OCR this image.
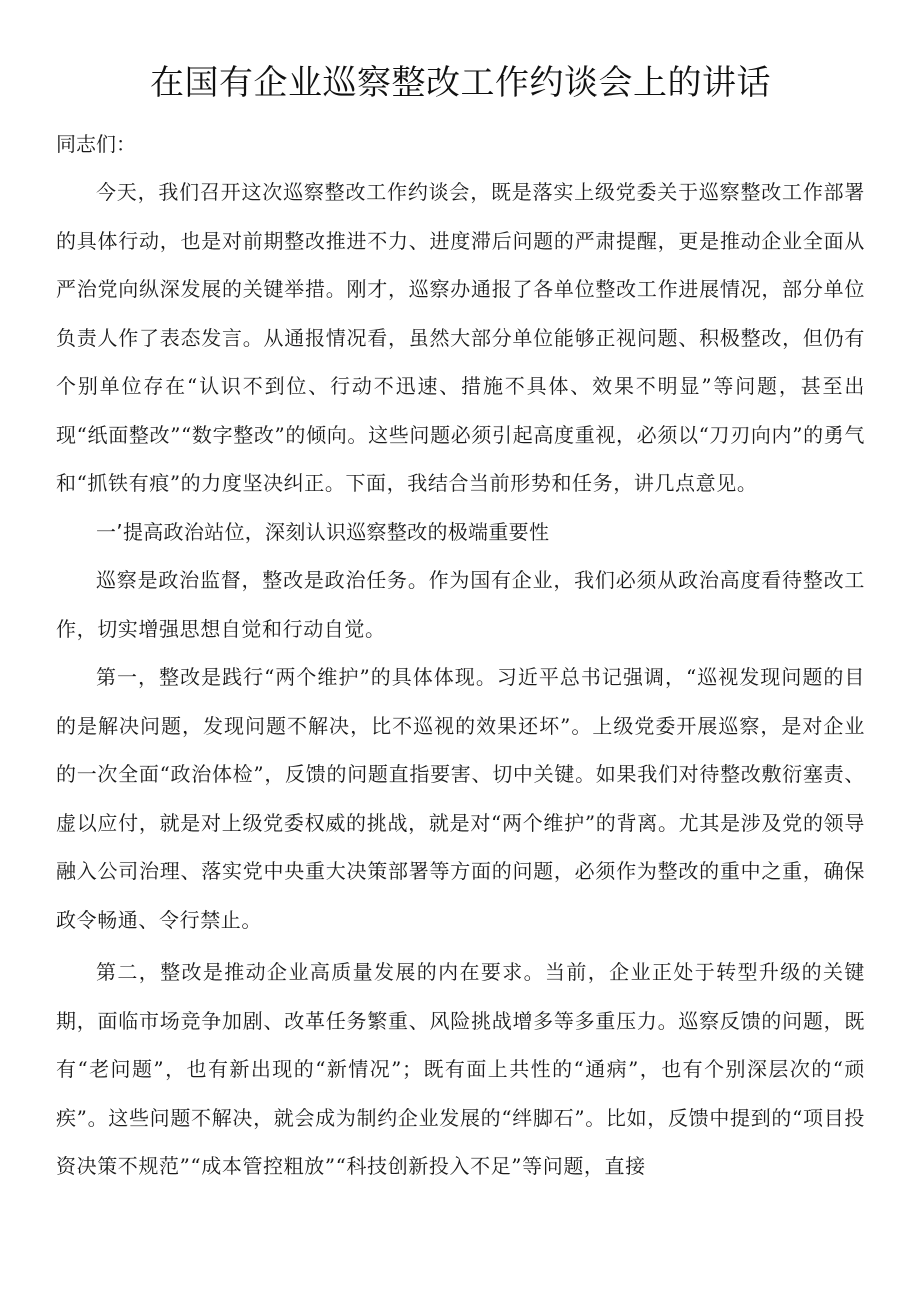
在国有企业巡察整改工作约谈会上的讲话

同志们：

今天，我们召开这次巡察整改工作约谈会，既是落实上级党委关于巡察整改工作部署的具体行动，也是对前期整改推进不力、进度滞后问题的严肃提醒，更是推动企业全面从严治党向纵深发展的关键举措。刚才，巡察办通报了各单位整改工作进展情况，部分单位负责人作了表态发言。从通报情况看，虽然大部分单位能够正视问题、积极整改，但仍有个别单位存在“认识不到位、行动不迅速、措施不具体、效果不明显”等问题，甚至出现“纸面整改”“数字整改”的倾向。这些问题必须引起高度重视，必须以“刀刃向内”的勇气和“抓铁有痕”的力度坚决纠正。下面，我结合当前形势和任务，讲几点意见。

一’提高政治站位，深刻认识巡察整改的极端重要性

巡察是政治监督，整改是政治任务。作为国有企业，我们必须从政治高度看待整改工作，切实增强思想自觉和行动自觉。

第一，整改是践行“两个维护”的具体体现。习近平总书记强调，“巡视发现问题的目的是解决问题，发现问题不解决，比不巡视的效果还坏”。上级党委开展巡察，是对企业的一次全面“政治体检”，反馈的问题直指要害、切中关键。如果我们对待整改敷衍塞责、虚以应付，就是对上级党委权威的挑战，就是对“两个维护”的背离。尤其是涉及党的领导融入公司治理、落实党中央重大决策部署等方面的问题，必须作为整改的重中之重，确保政令畅通、令行禁止。

第二，整改是推动企业高质量发展的内在要求。当前，企业正处于转型升级的关键期，面临市场竞争加剧、改革任务繁重、风险挑战增多等多重压力。巡察反馈的问题，既有“老问题”，也有新出现的“新情况”；既有面上共性的“通病”，也有个别深层次的“顽疾”。这些问题不解决，就会成为制约企业发展的“绊脚石”。比如，反馈中提到的“项目投资决策不规范”“成本管控粗放”“科技创新投入不足”等问题，直接
